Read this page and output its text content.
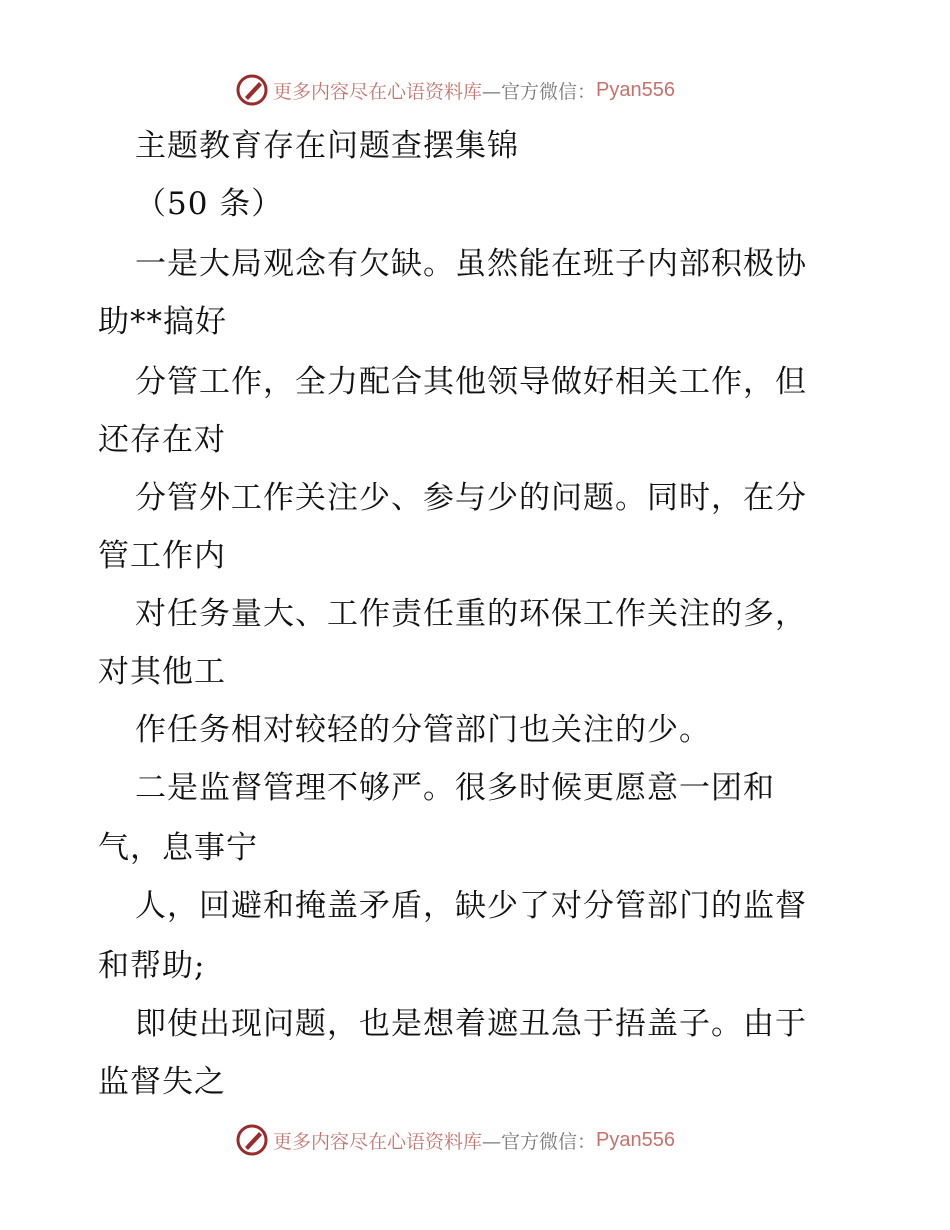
更多内容尽在心语资料库 —官方微信： Pyan556
主题教育存在问题查摆集锦
（50 条）
一是大局观念有欠缺。虽然能在班子内部积极协
助**搞好
分管工作，全力配合其他领导做好相关工作，但
还存在对
分管外工作关注少、参与少的问题。同时，在分
管工作内
对任务量大、工作责任重的环保工作关注的多，
对其他工
作任务相对较轻的分管部门也关注的少。
二是监督管理不够严。很多时候更愿意一团和
气，息事宁
人，回避和掩盖矛盾，缺少了对分管部门的监督
和帮助;
即使出现问题，也是想着遮丑急于捂盖子。由于
监督失之
更多内容尽在心语资料库 —官方微信： Pyan556
